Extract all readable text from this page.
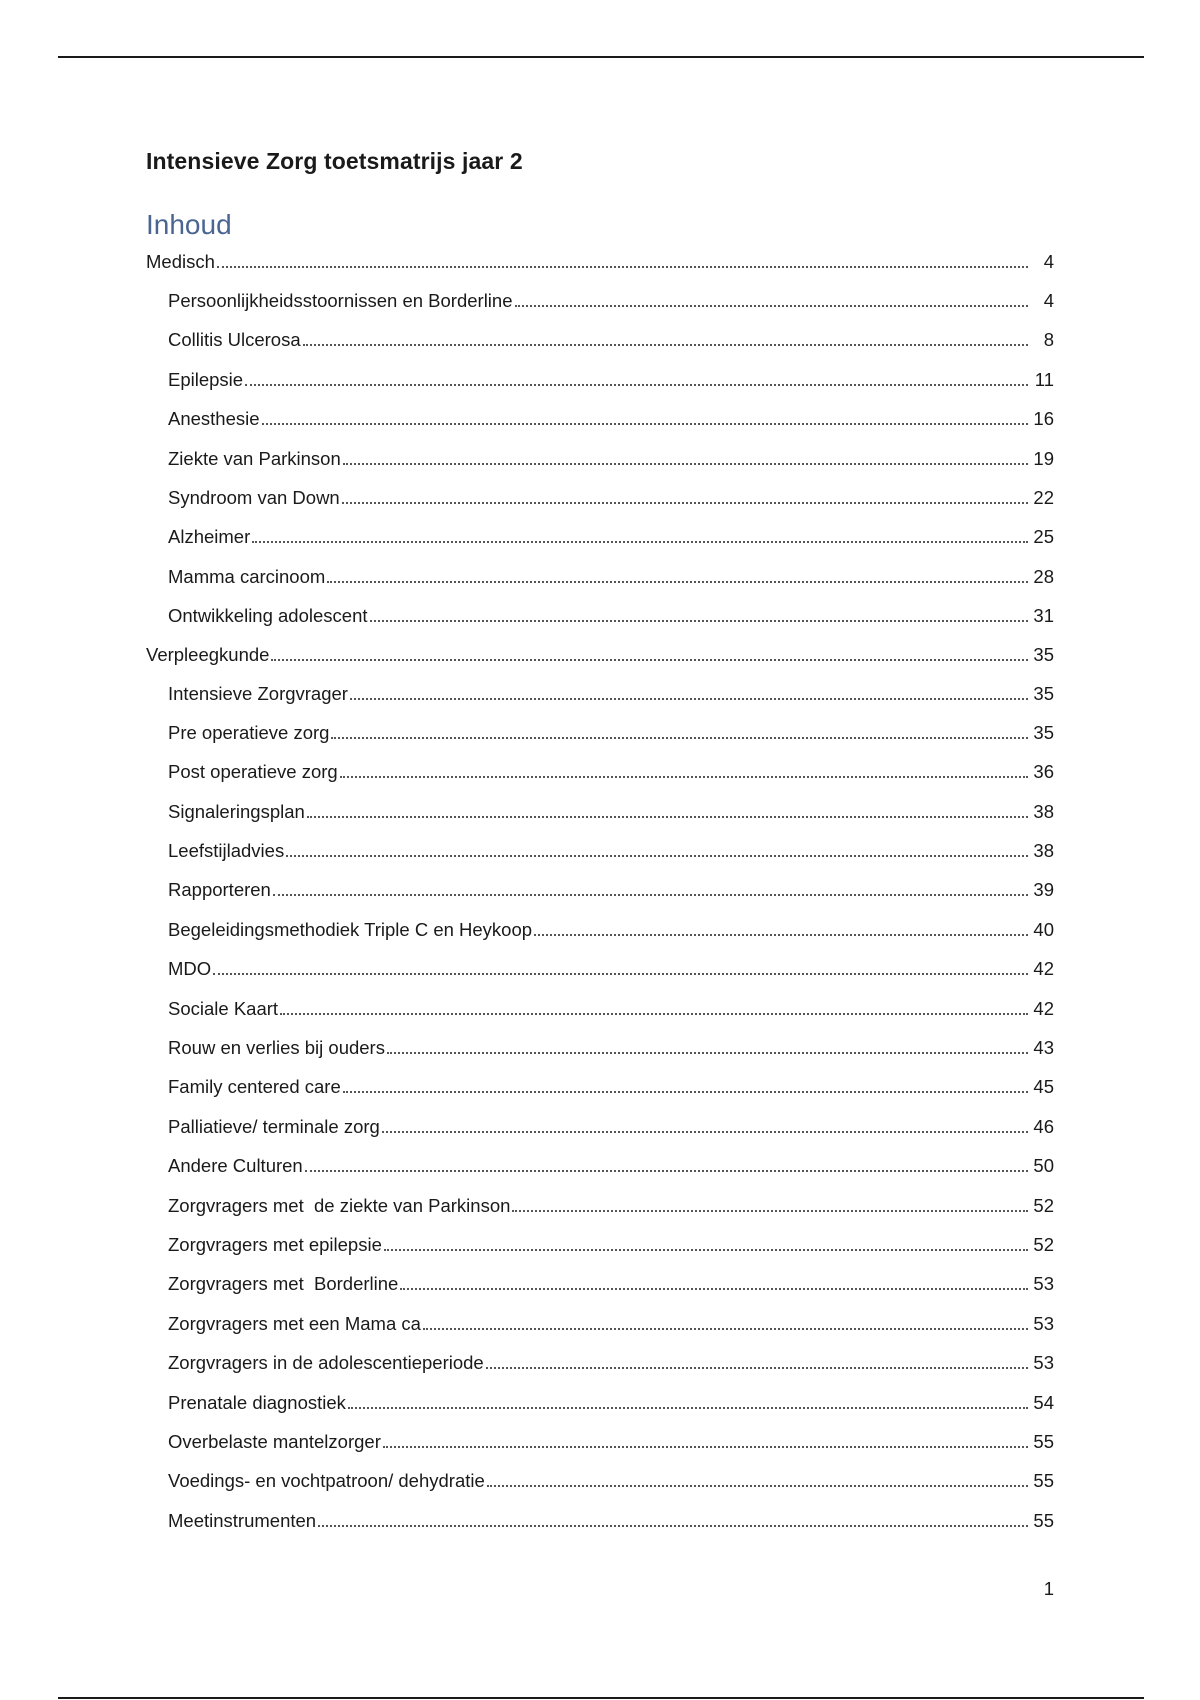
Intensieve Zorg toetsmatrijs jaar 2
Inhoud
Medisch	4
Persoonlijkheidsstoornissen en Borderline	4
Collitis Ulcerosa	8
Epilepsie	11
Anesthesie	16
Ziekte van Parkinson	19
Syndroom van Down	22
Alzheimer	25
Mamma carcinoom	28
Ontwikkeling adolescent	31
Verpleegkunde	35
Intensieve Zorgvrager	35
Pre operatieve zorg	35
Post operatieve zorg	36
Signaleringsplan	38
Leefstijladvies	38
Rapporteren	39
Begeleidingsmethodiek Triple C en Heykoop	40
MDO	42
Sociale Kaart	42
Rouw en verlies bij ouders	43
Family centered care	45
Palliatieve/ terminale zorg	46
Andere Culturen	50
Zorgvragers met  de ziekte van Parkinson	52
Zorgvragers met epilepsie	52
Zorgvragers met  Borderline	53
Zorgvragers met een Mama ca	53
Zorgvragers in de adolescentieperiode	53
Prenatale diagnostiek	54
Overbelaste mantelzorger	55
Voedings- en vochtpatroon/ dehydratie	55
Meetinstrumenten	55
1
